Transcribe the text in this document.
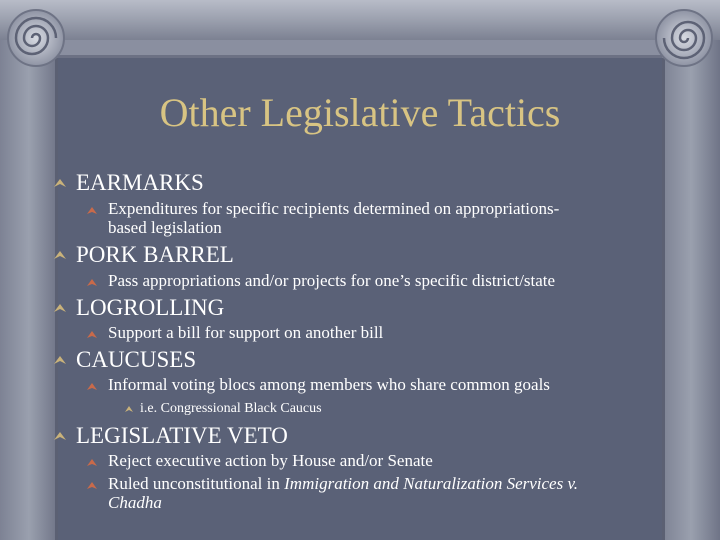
Other Legislative Tactics
EARMARKS
Expenditures for specific recipients determined on appropriations-
based legislation
PORK BARREL
Pass appropriations and/or projects for one’s specific district/state
LOGROLLING
Support a bill for support on another bill
CAUCUSES
Informal voting blocs among members who share common goals
i.e. Congressional Black Caucus
LEGISLATIVE VETO
Reject executive action by House and/or Senate
Ruled unconstitutional in Immigration and Naturalization Services v.
Chadha
